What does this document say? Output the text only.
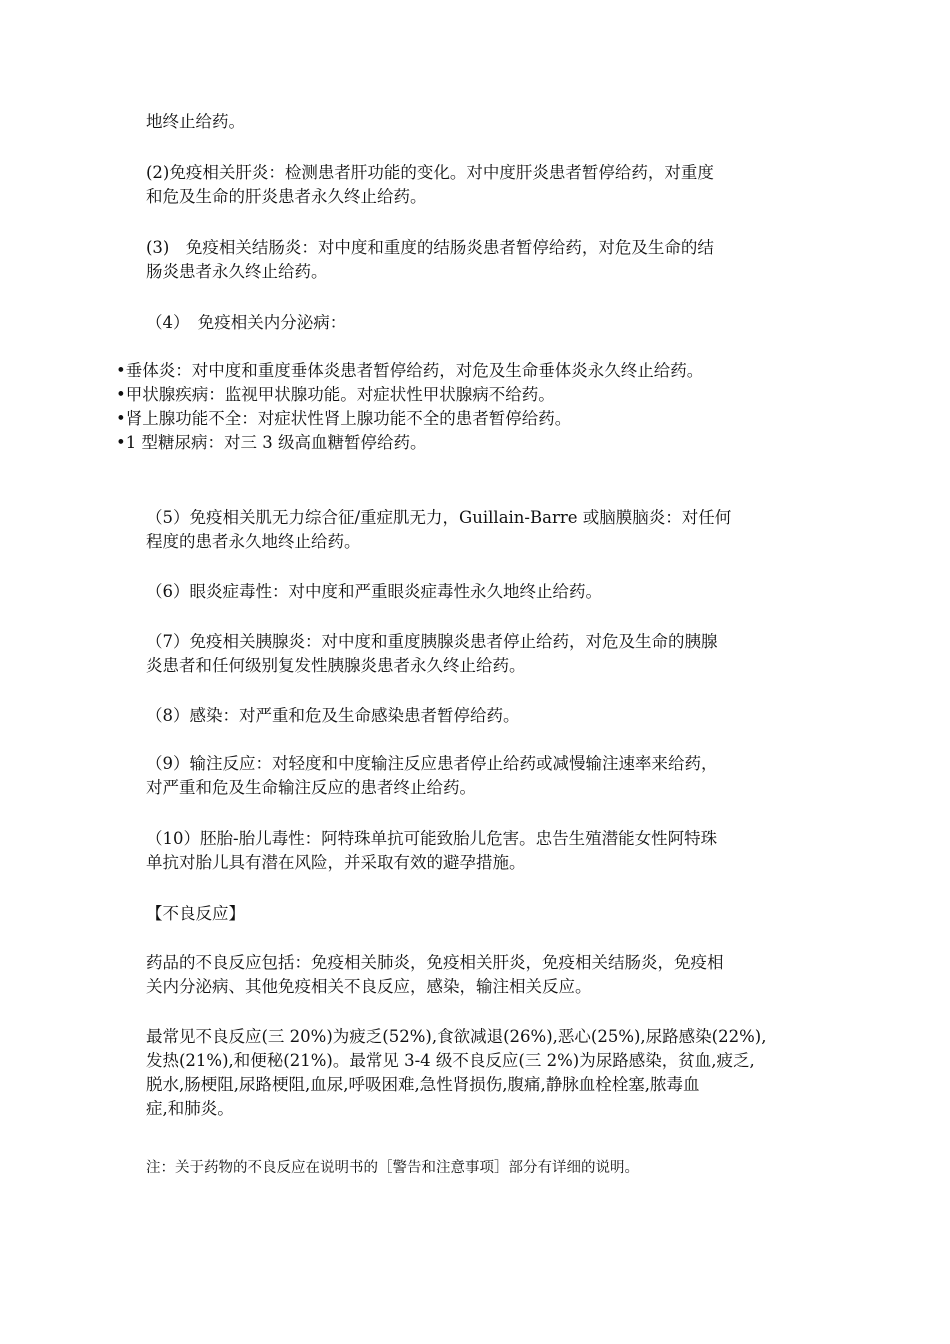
地终止给药。

(2)免疫相关肝炎：检测患者肝功能的变化。对中度肝炎患者暂停给药，对重度
和危及生命的肝炎患者永久终止给药。

(3)　免疫相关结肠炎：对中度和重度的结肠炎患者暂停给药，对危及生命的结
肠炎患者永久终止给药。

（4）　免疫相关内分泌病：

•垂体炎：对中度和重度垂体炎患者暂停给药，对危及生命垂体炎永久终止给药。
•甲状腺疾病：监视甲状腺功能。对症状性甲状腺病不给药。
•肾上腺功能不全：对症状性肾上腺功能不全的患者暂停给药。
•1 型糖尿病：对三 3 级高血糖暂停给药。

（5）免疫相关肌无力综合征/重症肌无力，Guillain-Barre 或脑膜脑炎：对任何
程度的患者永久地终止给药。

（6）眼炎症毒性：对中度和严重眼炎症毒性永久地终止给药。

（7）免疫相关胰腺炎：对中度和重度胰腺炎患者停止给药，对危及生命的胰腺
炎患者和任何级别复发性胰腺炎患者永久终止给药。

（8）感染：对严重和危及生命感染患者暂停给药。

（9）输注反应：对轻度和中度输注反应患者停止给药或减慢输注速率来给药，
对严重和危及生命输注反应的患者终止给药。

（10）胚胎-胎儿毒性：阿特珠单抗可能致胎儿危害。忠告生殖潜能女性阿特珠
单抗对胎儿具有潜在风险，并采取有效的避孕措施。

【不良反应】

药品的不良反应包括：免疫相关肺炎，免疫相关肝炎，免疫相关结肠炎，免疫相
关内分泌病、其他免疫相关不良反应，感染，输注相关反应。

最常见不良反应(三 20%)为疲乏(52%),食欲减退(26%),恶心(25%),尿路感染(22%),
发热(21%),和便秘(21%)。最常见 3-4 级不良反应(三 2%)为尿路感染，贫血,疲乏,
脱水,肠梗阻,尿路梗阻,血尿,呼吸困难,急性肾损伤,腹痛,静脉血栓栓塞,脓毒血
症,和肺炎。

注：关于药物的不良反应在说明书的［警告和注意事项］部分有详细的说明。
